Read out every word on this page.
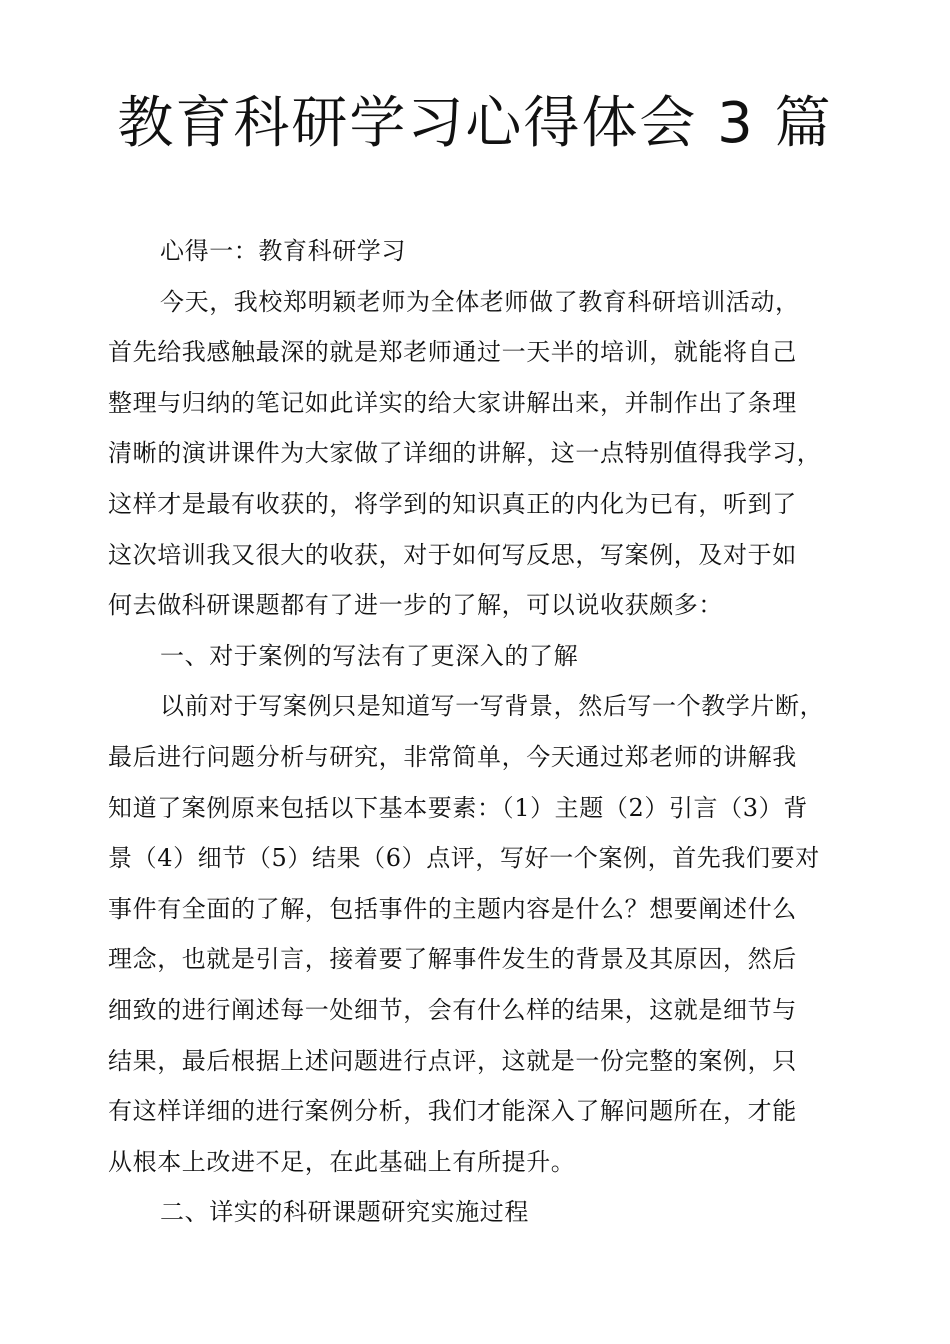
教育科研学习心得体会 3 篇

心得一：教育科研学习

今天，我校郑明颖老师为全体老师做了教育科研培训活动，
首先给我感触最深的就是郑老师通过一天半的培训，就能将自己
整理与归纳的笔记如此详实的给大家讲解出来，并制作出了条理
清晰的演讲课件为大家做了详细的讲解，这一点特别值得我学习，
这样才是最有收获的，将学到的知识真正的内化为已有，听到了
这次培训我又很大的收获，对于如何写反思，写案例，及对于如
何去做科研课题都有了进一步的了解，可以说收获颇多：

一、对于案例的写法有了更深入的了解

以前对于写案例只是知道写一写背景，然后写一个教学片断，
最后进行问题分析与研究，非常简单，今天通过郑老师的讲解我
知道了案例原来包括以下基本要素：（1）主题（2）引言（3）背
景（4）细节（5）结果（6）点评，写好一个案例，首先我们要对
事件有全面的了解，包括事件的主题内容是什么？想要阐述什么
理念，也就是引言，接着要了解事件发生的背景及其原因，然后
细致的进行阐述每一处细节，会有什么样的结果，这就是细节与
结果，最后根据上述问题进行点评，这就是一份完整的案例，只
有这样详细的进行案例分析，我们才能深入了解问题所在，才能
从根本上改进不足，在此基础上有所提升。

二、详实的科研课题研究实施过程
